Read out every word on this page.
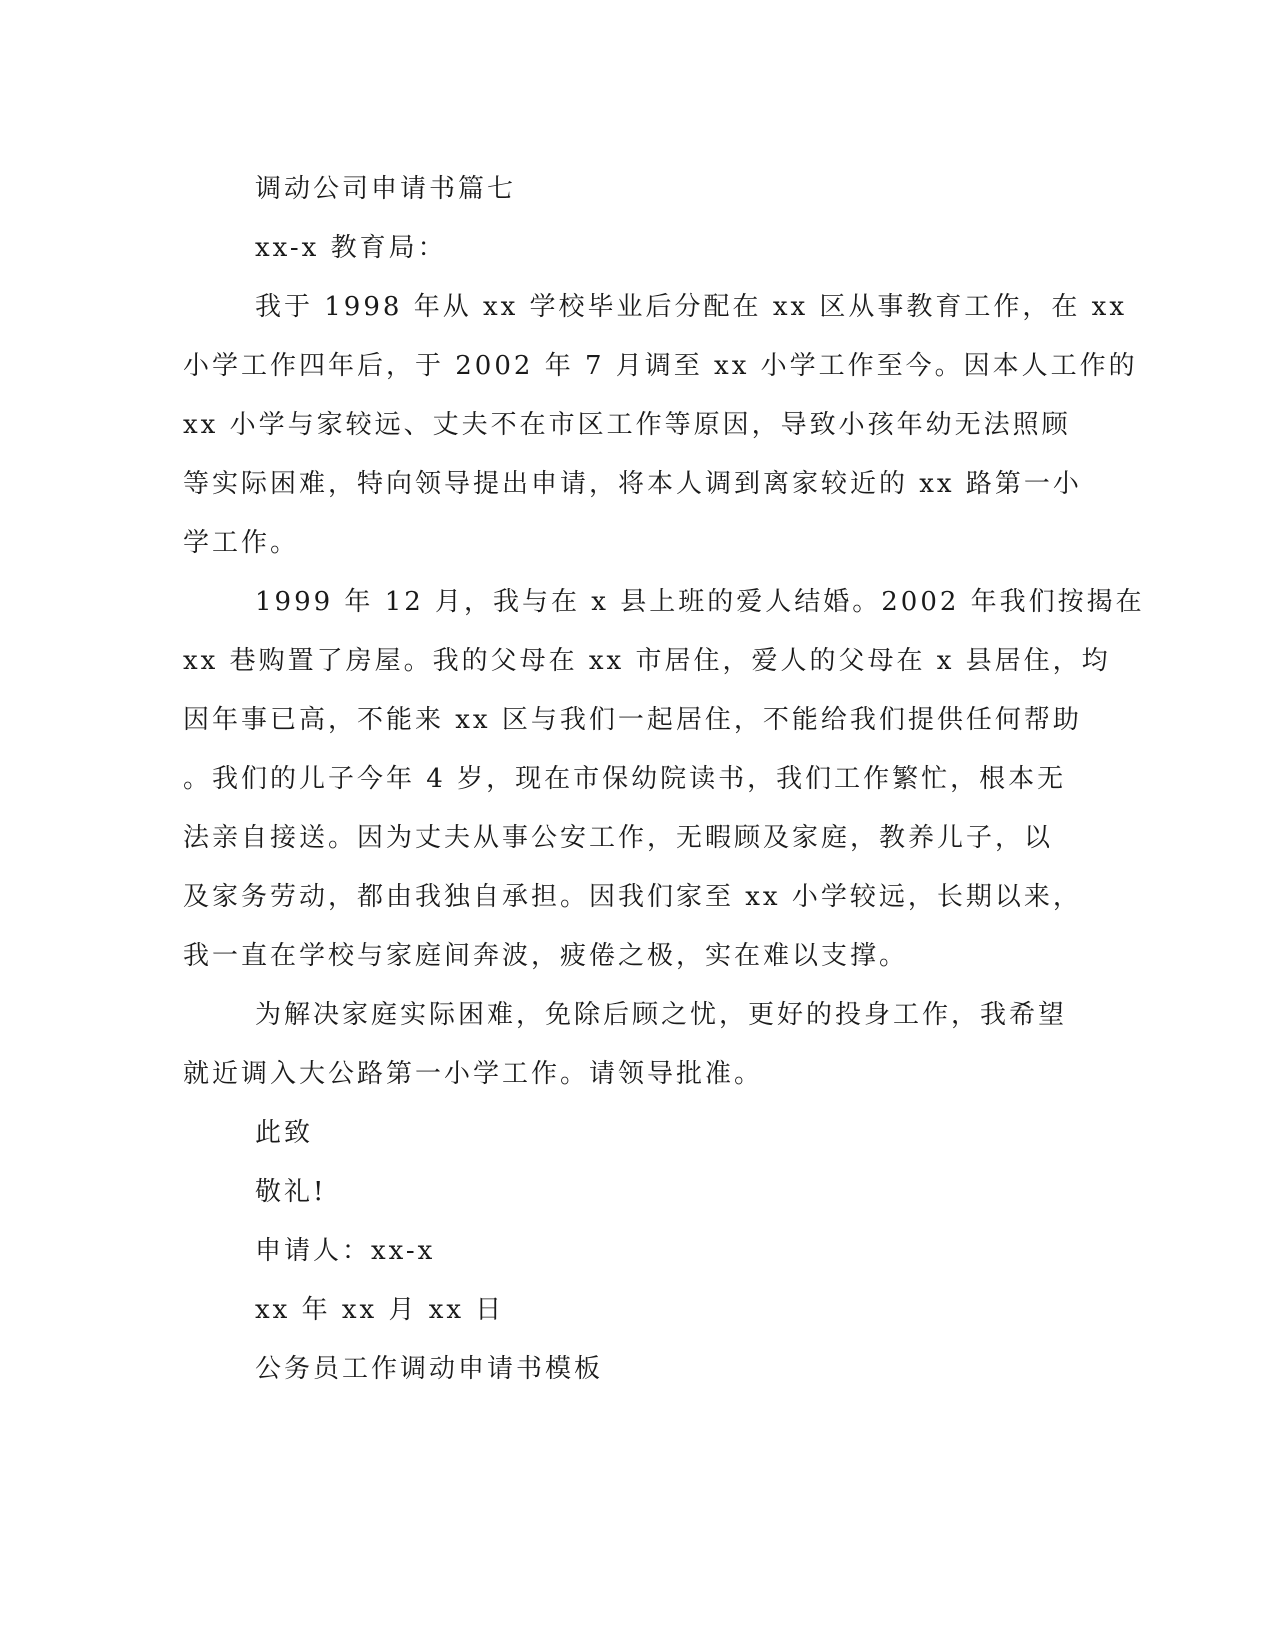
调动公司申请书篇七
xx-x 教育局：
我于 1998 年从 xx 学校毕业后分配在 xx 区从事教育工作，在 xx
小学工作四年后，于 2002 年 7 月调至 xx 小学工作至今。因本人工作的
xx 小学与家较远、丈夫不在市区工作等原因，导致小孩年幼无法照顾
等实际困难，特向领导提出申请，将本人调到离家较近的 xx 路第一小
学工作。
1999 年 12 月，我与在 x 县上班的爱人结婚。2002 年我们按揭在
xx 巷购置了房屋。我的父母在 xx 市居住，爱人的父母在 x 县居住，均
因年事已高，不能来 xx 区与我们一起居住，不能给我们提供任何帮助
。我们的儿子今年 4 岁，现在市保幼院读书，我们工作繁忙，根本无
法亲自接送。因为丈夫从事公安工作，无暇顾及家庭，教养儿子，以
及家务劳动，都由我独自承担。因我们家至 xx 小学较远，长期以来，
我一直在学校与家庭间奔波，疲倦之极，实在难以支撑。
为解决家庭实际困难，免除后顾之忧，更好的投身工作，我希望
就近调入大公路第一小学工作。请领导批准。
此致
敬礼!
申请人：xx-x
xx 年 xx 月 xx 日
公务员工作调动申请书模板
